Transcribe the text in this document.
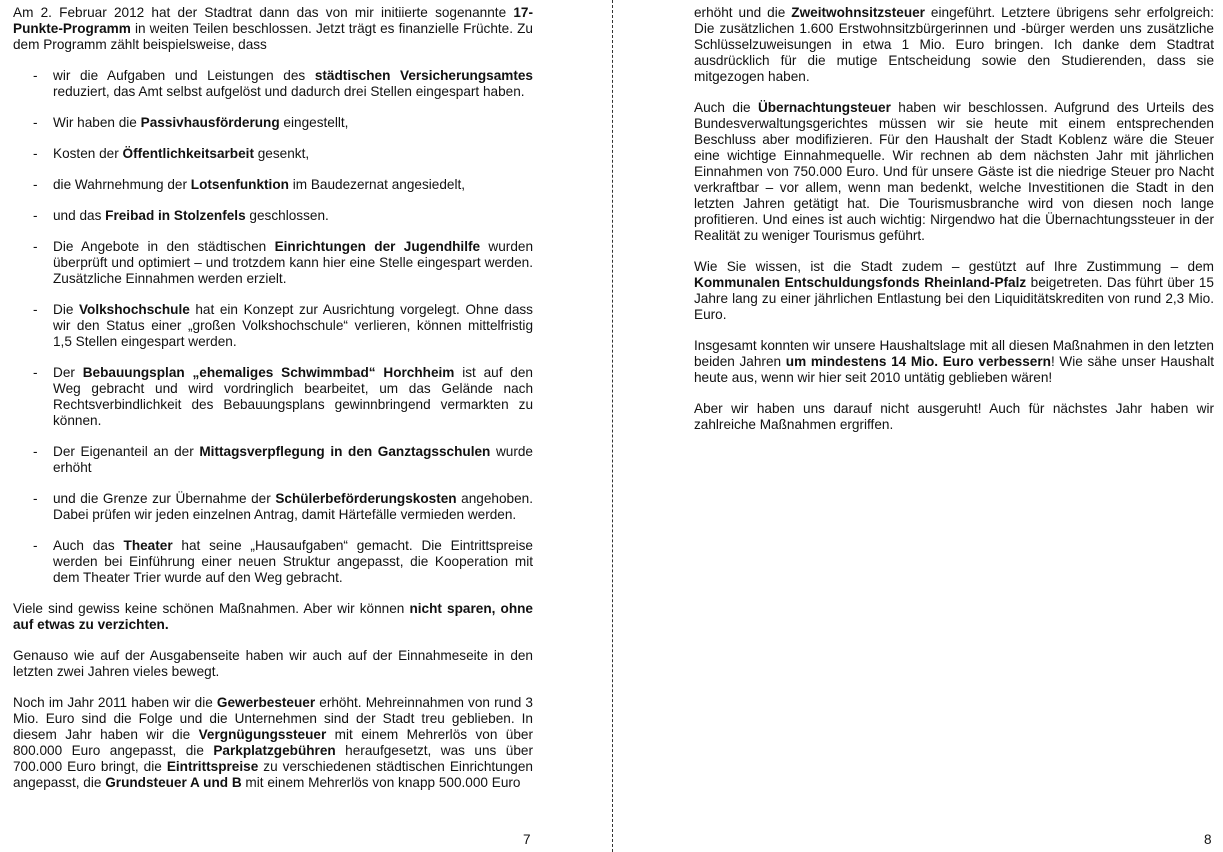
Am 2. Februar 2012 hat der Stadtrat dann das von mir initiierte sogenannte 17-Punkte-Programm in weiten Teilen beschlossen. Jetzt trägt es finanzielle Früchte. Zu dem Programm zählt beispielsweise, dass

- wir die Aufgaben und Leistungen des städtischen Versicherungsamtes reduziert, das Amt selbst aufgelöst und dadurch drei Stellen eingespart haben.
- Wir haben die Passivhausförderung eingestellt,
- Kosten der Öffentlichkeitsarbeit gesenkt,
- die Wahrnehmung der Lotsenfunktion im Baudezernat angesiedelt,
- und das Freibad in Stolzenfels geschlossen.
- Die Angebote in den städtischen Einrichtungen der Jugendhilfe wurden überprüft und optimiert – und trotzdem kann hier eine Stelle eingespart werden. Zusätzliche Einnahmen werden erzielt.
- Die Volkshochschule hat ein Konzept zur Ausrichtung vorgelegt. Ohne dass wir den Status einer „großen Volkshochschule“ verlieren, können mittelfristig 1,5 Stellen eingespart werden.
- Der Bebauungsplan „ehemaliges Schwimmbad“ Horchheim ist auf den Weg gebracht und wird vordringlich bearbeitet, um das Gelände nach Rechtsverbindlichkeit des Bebauungsplans gewinnbringend vermarkten zu können.
- Der Eigenanteil an der Mittagsverpflegung in den Ganztagsschulen wurde erhöht
- und die Grenze zur Übernahme der Schülerbeförderungskosten angehoben. Dabei prüfen wir jeden einzelnen Antrag, damit Härtefälle vermieden werden.
- Auch das Theater hat seine „Hausaufgaben“ gemacht. Die Eintrittspreise werden bei Einführung einer neuen Struktur angepasst, die Kooperation mit dem Theater Trier wurde auf den Weg gebracht.

Viele sind gewiss keine schönen Maßnahmen. Aber wir können nicht sparen, ohne auf etwas zu verzichten.

Genauso wie auf der Ausgabenseite haben wir auch auf der Einnahmeseite in den letzten zwei Jahren vieles bewegt.

Noch im Jahr 2011 haben wir die Gewerbesteuer erhöht. Mehreinnahmen von rund 3 Mio. Euro sind die Folge und die Unternehmen sind der Stadt treu geblieben. In diesem Jahr haben wir die Vergnügungssteuer mit einem Mehrerlös von über 800.000 Euro angepasst, die Parkplatzgebühren heraufgesetzt, was uns über 700.000 Euro bringt, die Eintrittspreise zu verschiedenen städtischen Einrichtungen angepasst, die Grundsteuer A und B mit einem Mehrerlös von knapp 500.000 Euro

7

erhöht und die Zweitwohnsitzsteuer eingeführt. Letztere übrigens sehr erfolgreich: Die zusätzlichen 1.600 Erstwohnsitzbürgerinnen und -bürger werden uns zusätzliche Schlüsselzuweisungen in etwa 1 Mio. Euro bringen. Ich danke dem Stadtrat ausdrücklich für die mutige Entscheidung sowie den Studierenden, dass sie mitgezogen haben.

Auch die Übernachtungsteuer haben wir beschlossen. Aufgrund des Urteils des Bundesverwaltungsgerichtes müssen wir sie heute mit einem entsprechenden Beschluss aber modifizieren. Für den Haushalt der Stadt Koblenz wäre die Steuer eine wichtige Einnahmequelle. Wir rechnen ab dem nächsten Jahr mit jährlichen Einnahmen von 750.000 Euro. Und für unsere Gäste ist die niedrige Steuer pro Nacht verkraftbar – vor allem, wenn man bedenkt, welche Investitionen die Stadt in den letzten Jahren getätigt hat. Die Tourismusbranche wird von diesen noch lange profitieren. Und eines ist auch wichtig: Nirgendwo hat die Übernachtungssteuer in der Realität zu weniger Tourismus geführt.

Wie Sie wissen, ist die Stadt zudem – gestützt auf Ihre Zustimmung – dem Kommunalen Entschuldungsfonds Rheinland-Pfalz beigetreten. Das führt über 15 Jahre lang zu einer jährlichen Entlastung bei den Liquiditätskrediten von rund 2,3 Mio. Euro.

Insgesamt konnten wir unsere Haushaltslage mit all diesen Maßnahmen in den letzten beiden Jahren um mindestens 14 Mio. Euro verbessern! Wie sähe unser Haushalt heute aus, wenn wir hier seit 2010 untätig geblieben wären!

Aber wir haben uns darauf nicht ausgeruht! Auch für nächstes Jahr haben wir zahlreiche Maßnahmen ergriffen.

8
